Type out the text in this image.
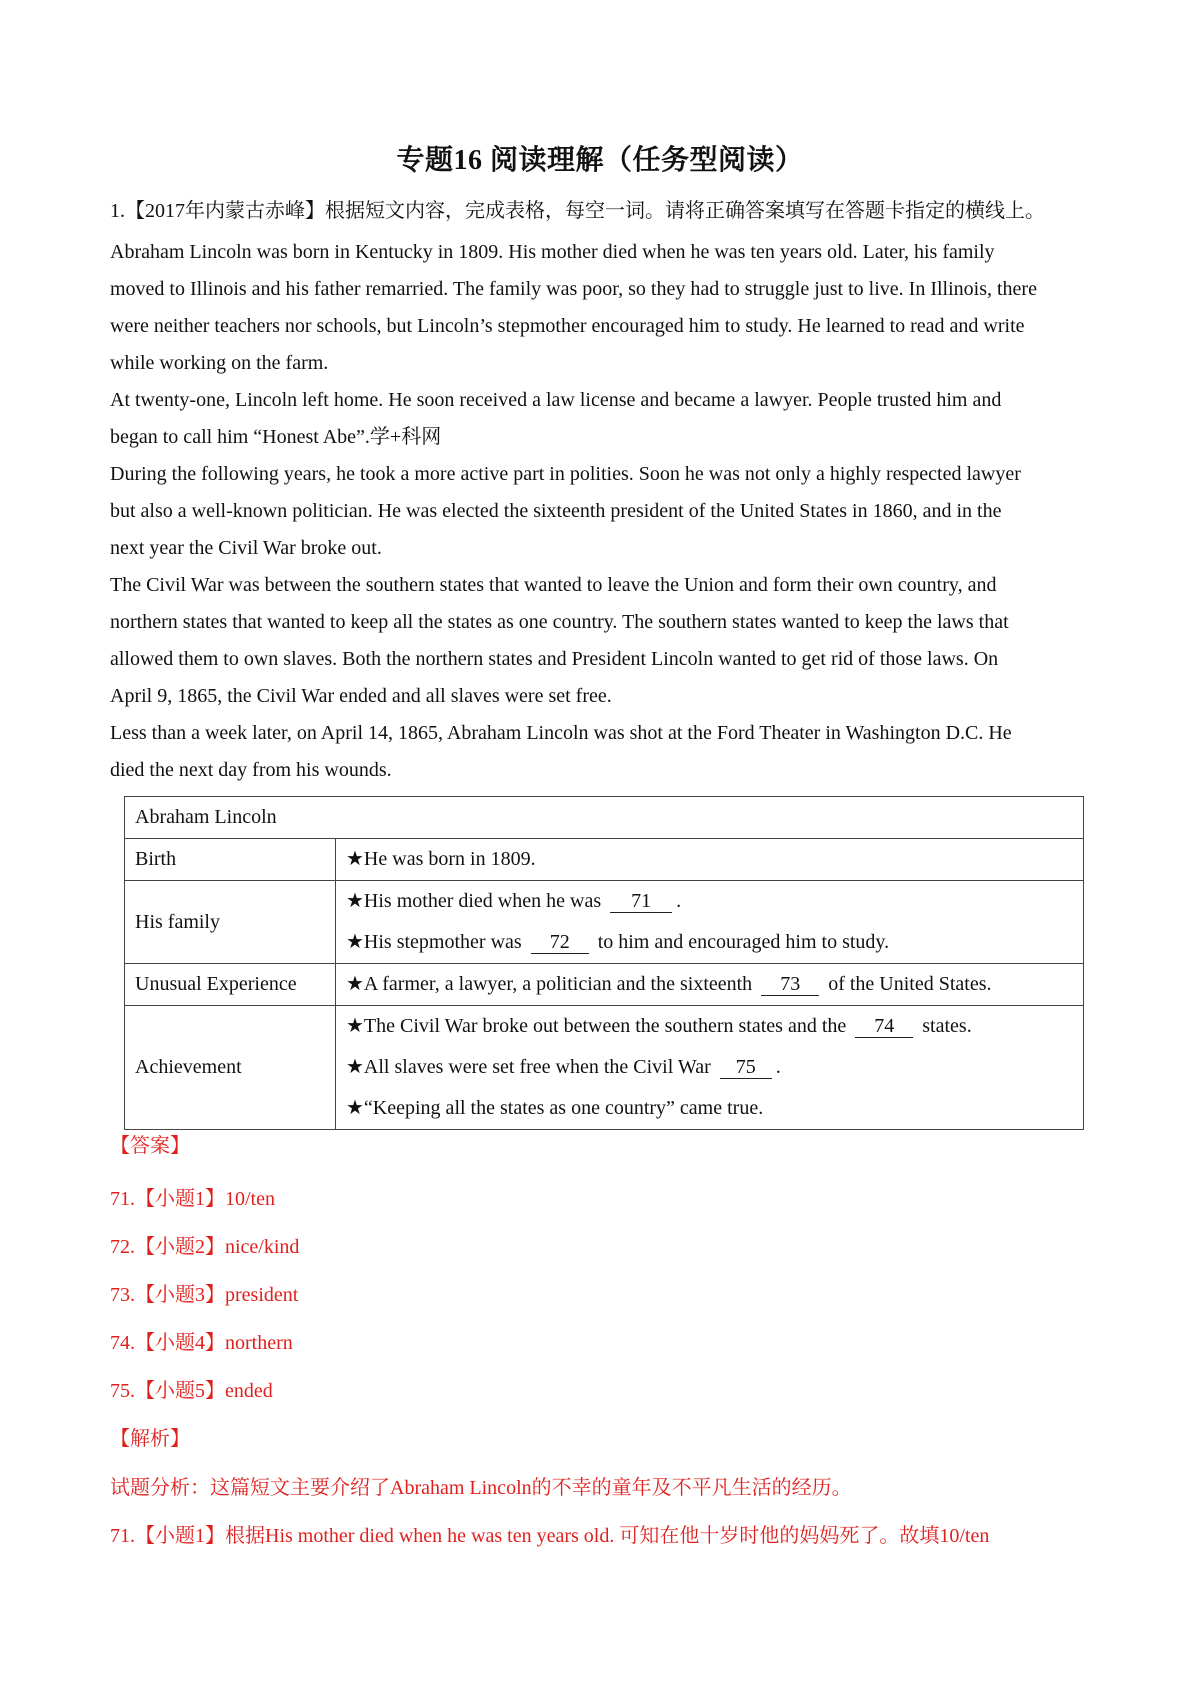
专题16 阅读理解（任务型阅读）
1.【2017年内蒙古赤峰】根据短文内容，完成表格，每空一词。请将正确答案填写在答题卡指定的横线上。

Abraham Lincoln was born in Kentucky in 1809. His mother died when he was ten years old. Later, his family

moved to Illinois and his father remarried. The family was poor, so they had to struggle just to live. In Illinois, there

were neither teachers nor schools, but Lincoln’s stepmother encouraged him to study. He learned to read and write

while working on the farm.

At twenty-one, Lincoln left home. He soon received a law license and became a lawyer. People trusted him and

began to call him “Honest Abe”.学+科网

During the following years, he took a more active part in polities. Soon he was not only a highly respected lawyer

but also a well-known politician. He was elected the sixteenth president of the United States in 1860, and in the

next year the Civil War broke out.

The Civil War was between the southern states that wanted to leave the Union and form their own country, and

northern states that wanted to keep all the states as one country. The southern states wanted to keep the laws that

allowed them to own slaves. Both the northern states and President Lincoln wanted to get rid of those laws. On

April 9, 1865, the Civil War ended and all slaves were set free.

Less than a week later, on April 14, 1865, Abraham Lincoln was shot at the Ford Theater in Washington D.C. He

died the next day from his wounds.

Abraham Lincoln	

Birth	★He was born in 1809.

His family	★His mother died when he was 71 .
★His stepmother was 72 to him and encouraged him to study.

Unusual Experience	★A farmer, a lawyer, a politician and the sixteenth 73 of the United States.

Achievement	★The Civil War broke out between the southern states and the 74 states.
★All slaves were set free when the Civil War 75 .
★“Keeping all the states as one country” came true.
【答案】
71.【小题1】10/ten
72.【小题2】nice/kind
73.【小题3】president
74.【小题4】northern
75.【小题5】ended
【解析】
试题分析：这篇短文主要介绍了Abraham Lincoln的不幸的童年及不平凡生活的经历。
71.【小题1】根据His mother died when he was ten years old. 可知在他十岁时他的妈妈死了。故填10/ten
